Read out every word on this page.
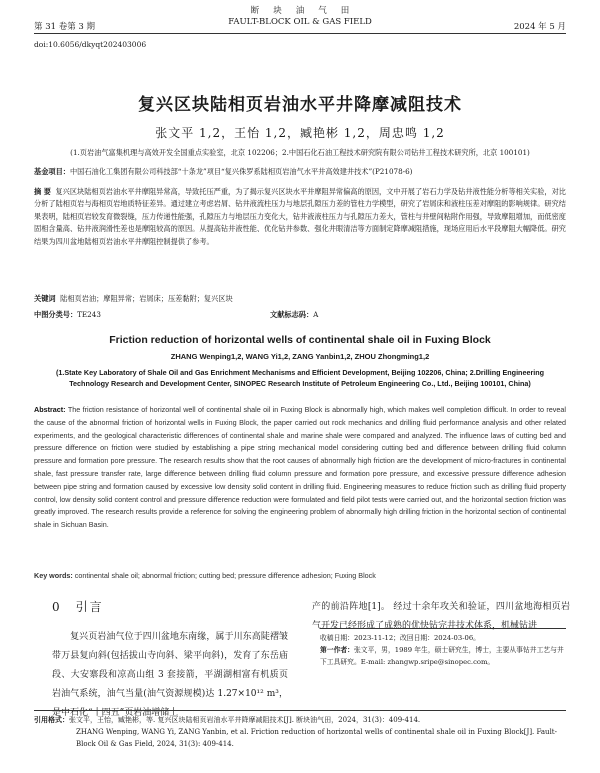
断块油气田
FAULT-BLOCK OIL & GAS FIELD
第 31 卷第 3 期	2024 年 5 月
doi:10.6056/dkyqt202403006
复兴区块陆相页岩油水平井降摩减阻技术
张文平 1,2，王怡 1,2，臧艳彬 1,2，周忠鸣 1,2
(1.页岩油气富集机理与高效开发全国重点实验室，北京 102206；2.中国石化石油工程技术研究院有限公司钻井工程技术研究所，北京 100101)
基金项目：中国石油化工集团有限公司科技部“十条龙”项目“复兴侏罗系陆相页岩油气水平井高效建井技术”(P21078-6)
摘 要 复兴区块陆相页岩油水平井摩阻异常高，导致托压严重，为了揭示复兴区块水平井摩阻异常偏高的原因，文中开展了岩石力学及钻井液性能分析等相关实验，对比分析了陆相页岩与海相页岩地质特征差异。通过建立考虑岩屑、钻井液流柱压力与地层孔隙压力差的管柱力学模型，研究了岩屑床和液柱压差对摩阻的影响规律。研究结果表明，陆相页岩较发育微裂缝，压力传递性能强，孔隙压力与地层压力变化大，钻井液液柱压力与孔隙压力差大，管柱与井壁间粘附作用强，导致摩阻增加，而低密度固相含量高、钻井液润滑性差也是摩阻较高的原因。从提高钻井液性能、优化钻井参数、强化井眼清洁等方面制定降摩减阻措施，现场应用后水平段摩阻大幅降低。研究结果为四川盆地陆相页岩油水平井摩阻控制提供了参考。
关键词 陆相页岩油；摩阻异常；岩屑床；压差黏附；复兴区块
中图分类号：TE243	文献标志码：A
Friction reduction of horizontal wells of continental shale oil in Fuxing Block
ZHANG Wenping1,2, WANG Yi1,2, ZANG Yanbin1,2, ZHOU Zhongming1,2
(1.State Key Laboratory of Shale Oil and Gas Enrichment Mechanisms and Efficient Development, Beijing 102206, China; 2.Drilling Engineering Technology Research and Development Center, SINOPEC Research Institute of Petroleum Engineering Co., Ltd., Beijing 100101, China)
Abstract: The friction resistance of horizontal well of continental shale oil in Fuxing Block is abnormally high, which makes well completion difficult. In order to reveal the cause of the abnormal friction of horizontal wells in Fuxing Block, the paper carried out rock mechanics and drilling fluid performance analysis and other related experiments, and the geological characteristic differences of continental shale and marine shale were compared and analyzed. The influence laws of cutting bed and pressure difference on friction were studied by establishing a pipe string mechanical model considering cutting bed and difference between drilling fluid column pressure and formation pore pressure. The research results show that the root causes of abnormally high friction are the development of micro-fractures in continental shale, fast pressure transfer rate, large difference between drilling fluid column pressure and formation pore pressure, and excessive pressure difference adhesion between pipe string and formation caused by excessive low density solid content in drilling fluid. Engineering measures to reduce friction such as drilling fluid property control, low density solid content control and pressure difference reduction were formulated and field pilot tests were carried out, and the horizontal section friction was greatly improved. The research results provide a reference for solving the engineering problem of abnormally high drilling friction in the horizontal section of continental shale in Sichuan Basin.
Key words: continental shale oil; abnormal friction; cutting bed; pressure difference adhesion; Fuxing Block
0 引言
复兴页岩油气位于四川盆地东南缘，属于川东高陡褶皱带万县复向斜(包括拔山寺向斜、梁平向斜)，发育了东岳庙段、大安寨段和凉高山组 3 套接箭，平湖湖相富有机质页岩油气系统，油气当量(油气资源规模)达 1.27×10¹² m³，是中石化“十四五”页岩油增储上
产的前沿阵地[1]。 经过十余年攻关和验证，四川盆地海相页岩气开发已经形成了成熟的优快钻完井技术体系，机械钻进
收稿日期：2023-11-12；改回日期：2024-03-06。
第一作者：张文平，男，1989 年生，硕士研究生，博士，主要从事钻井工艺与井下工具研究。E-mail: zhangwp.sripe@sinopec.com。
引用格式：张文平，王怡，臧艳彬，等. 复兴区块陆相页岩油水平井降摩减阻技术[J]. 断块油气田，2024，31(3)：409-414.
ZHANG Wenping, WANG Yi, ZANG Yanbin, et al. Friction reduction of horizontal wells of continental shale oil in Fuxing Block[J]. Fault-Block Oil & Gas Field, 2024, 31(3): 409-414.
